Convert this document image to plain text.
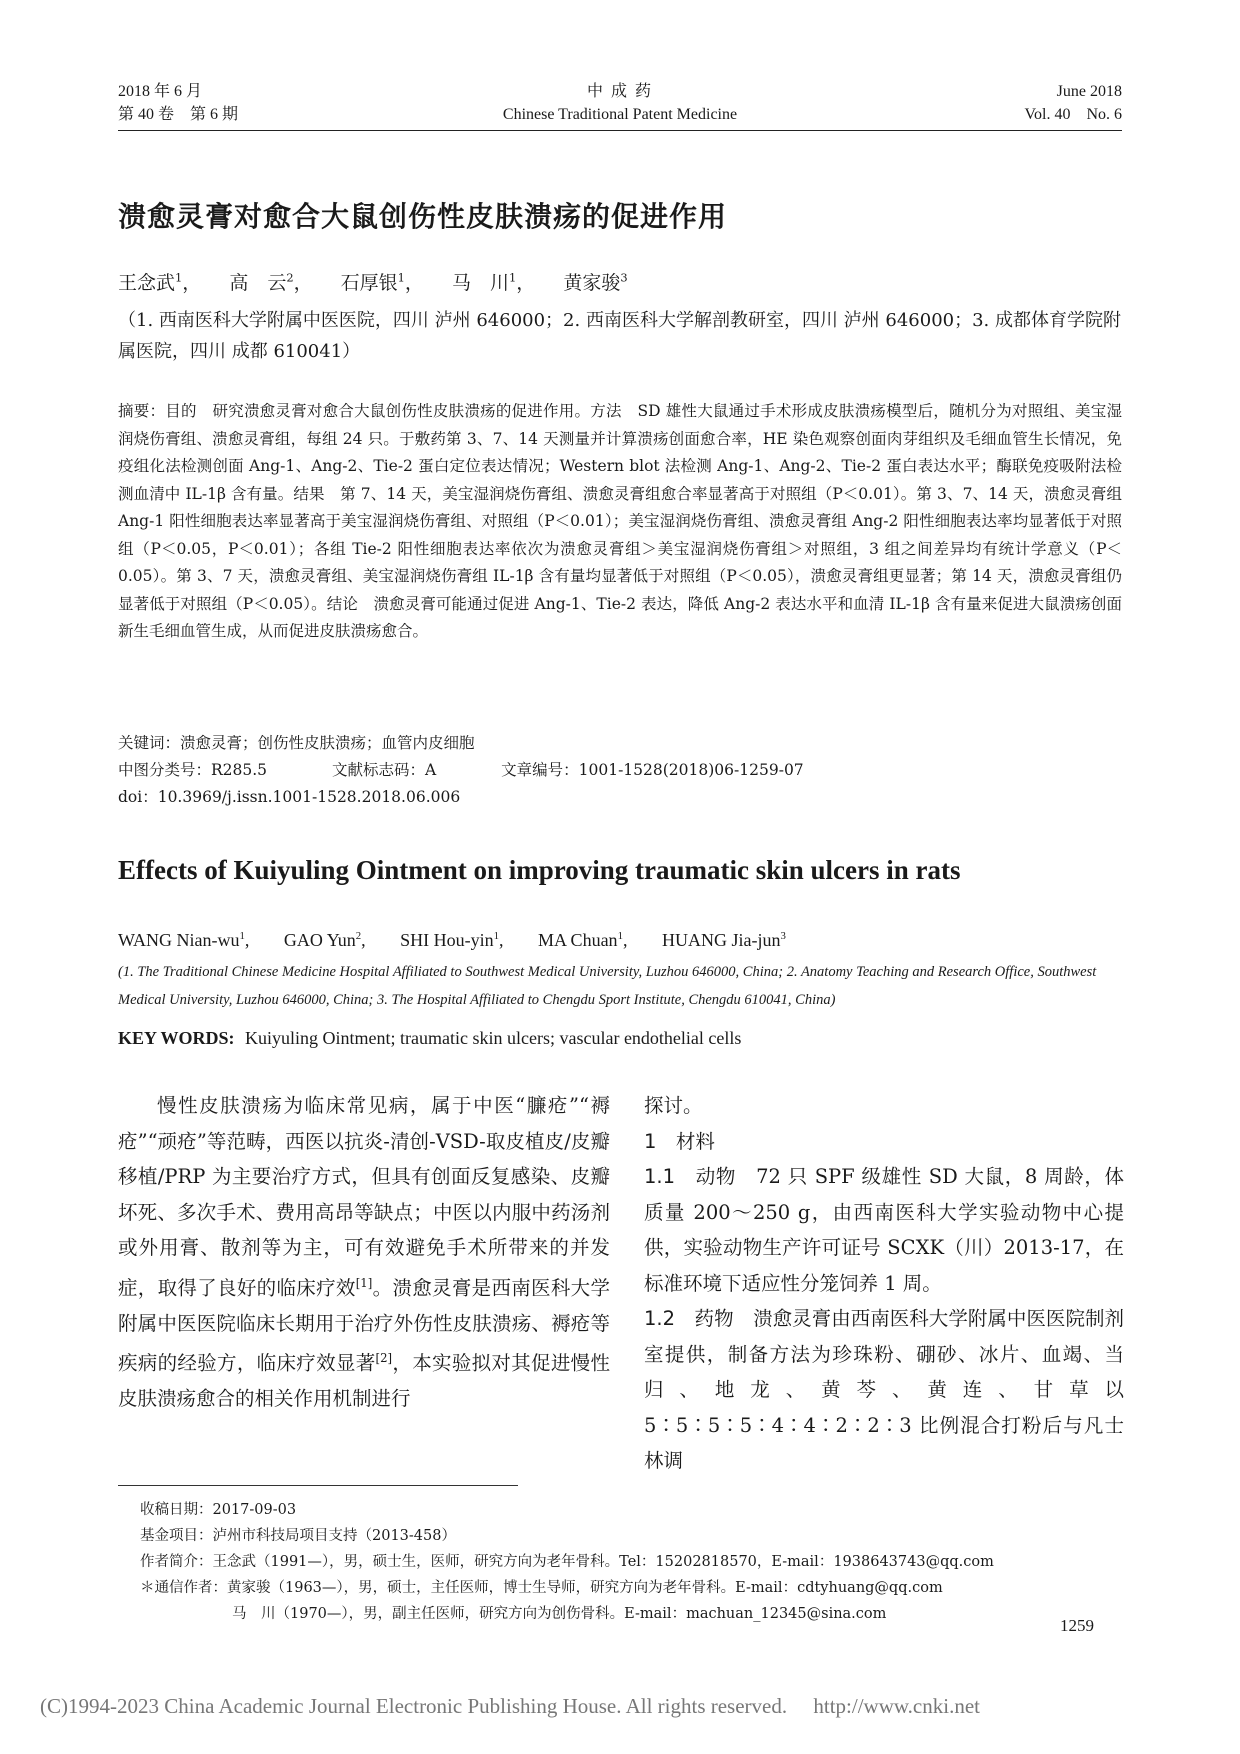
2018 年 6 月
第 40 卷　第 6 期
中 成 药
Chinese Traditional Patent Medicine
June 2018
Vol. 40　No. 6
溃愈灵膏对愈合大鼠创伤性皮肤溃疡的促进作用
王念武$^1$， 高　云$^2$， 石厚银$^1$， 马　川$^1$， 黄家骏$^3$
（1. 西南医科大学附属中医医院，四川 泸州 646000；2. 西南医科大学解剖教研室，四川 泸州 646000；3. 成都体育学院附属医院，四川 成都 610041）
摘要：目的　研究溃愈灵膏对愈合大鼠创伤性皮肤溃疡的促进作用。方法　SD 雄性大鼠通过手术形成皮肤溃疡模型后，随机分为对照组、美宝湿润烧伤膏组、溃愈灵膏组，每组 24 只。于敷药第 3、7、14 天测量并计算溃疡创面愈合率，HE 染色观察创面肉芽组织及毛细血管生长情况，免疫组化法检测创面 Ang-1、Ang-2、Tie-2 蛋白定位表达情况；Western blot 法检测 Ang-1、Ang-2、Tie-2 蛋白表达水平；酶联免疫吸附法检测血清中 IL-1β 含有量。结果　第 7、14 天，美宝湿润烧伤膏组、溃愈灵膏组愈合率显著高于对照组（P＜0.01）。第 3、7、14 天，溃愈灵膏组 Ang-1 阳性细胞表达率显著高于美宝湿润烧伤膏组、对照组（P＜0.01）；美宝湿润烧伤膏组、溃愈灵膏组 Ang-2 阳性细胞表达率均显著低于对照组（P＜0.05，P＜0.01）；各组 Tie-2 阳性细胞表达率依次为溃愈灵膏组＞美宝湿润烧伤膏组＞对照组，3 组之间差异均有统计学意义（P＜0.05）。第 3、7 天，溃愈灵膏组、美宝湿润烧伤膏组 IL-1β 含有量均显著低于对照组（P＜0.05），溃愈灵膏组更显著；第 14 天，溃愈灵膏组仍显著低于对照组（P＜0.05）。结论　溃愈灵膏可能通过促进 Ang-1、Tie-2 表达，降低 Ang-2 表达水平和血清 IL-1β 含有量来促进大鼠溃疡创面新生毛细血管生成，从而促进皮肤溃疡愈合。
关键词：溃愈灵膏；创伤性皮肤溃疡；血管内皮细胞
中图分类号：R285.5	文献标志码：A	文章编号：1001-1528(2018)06-1259-07
doi：10.3969/j.issn.1001-1528.2018.06.006
Effects of Kuiyuling Ointment on improving traumatic skin ulcers in rats
WANG Nian-$wu^1$, GAO Yun$^2$, SHI Hou-yin$^1$, MA Chuan$^1$, HUANG Jia-jun$^3$
(1. The Traditional Chinese Medicine Hospital Affiliated to Southwest Medical University, Luzhou 646000, China; 2. Anatomy Teaching and Research Office, Southwest Medical University, Luzhou 646000, China; 3. The Hospital Affiliated to Chengdu Sport Institute, Chengdu 610041, China)
KEY WORDS: Kuiyuling Ointment; traumatic skin ulcers; vascular endothelial cells

慢性皮肤溃疡为临床常见病，属于中医“臁疮”“褥疮”“顽疮”等范畴，西医以抗炎-清创-VSD-取皮植皮/皮瓣移植/PRP 为主要治疗方式，但具有创面反复感染、皮瓣坏死、多次手术、费用高昂等缺点；中医以内服中药汤剂或外用膏、散剂等为主，可有效避免手术所带来的并发症，取得了良好的临床疗效[1]。溃愈灵膏是西南医科大学附属中医医院临床长期用于治疗外伤性皮肤溃疡、褥疮等疾病的经验方，临床疗效显著[2]，本实验拟对其促进慢性皮肤溃疡愈合的相关作用机制进行

探讨。

1　材料

1.1　动物　72 只 SPF 级雄性 SD 大鼠，8 周龄，体质量 200～250 g，由西南医科大学实验动物中心提供，实验动物生产许可证号 SCXK（川）2013-17，在标准环境下适应性分笼饲养 1 周。

1.2　药物　溃愈灵膏由西南医科大学附属中医医院制剂室提供，制备方法为珍珠粉、硼砂、冰片、血竭、当归、地龙、黄芩、黄连、甘草以 5∶5∶5∶5∶4∶4∶2∶2∶3 比例混合打粉后与凡士林调

收稿日期：2017-09-03
基金项目：泸州市科技局项目支持（2013-458）
作者简介：王念武（1991—），男，硕士生，医师，研究方向为老年骨科。Tel：15202818570，E-mail：1938643743@qq.com
＊通信作者：黄家骏（1963—），男，硕士，主任医师，博士生导师，研究方向为老年骨科。E-mail：cdtyhuang@qq.com
马　川（1970—），男，副主任医师，研究方向为创伤骨科。E-mail：machuan_12345@sina.com
1259
(C)1994-2023 China Academic Journal Electronic Publishing House. All rights reserved.　 http://www.cnki.net
